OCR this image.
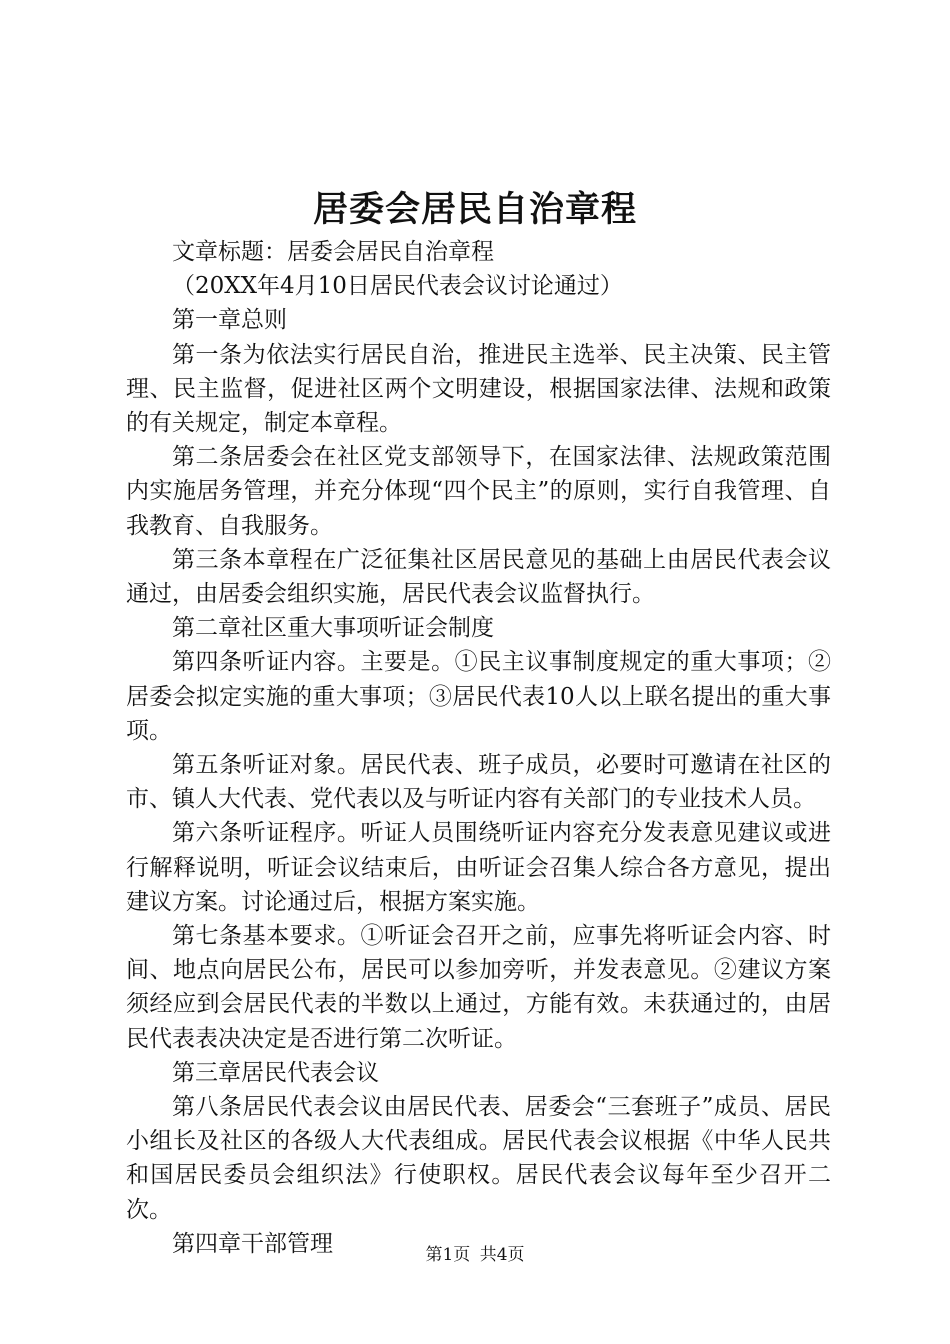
居委会居民自治章程

文章标题：居委会居民自治章程

（20XX年4月10日居民代表会议讨论通过）

第一章总则

第一条为依法实行居民自治，推进民主选举、民主决策、民主管理、民主监督，促进社区两个文明建设，根据国家法律、法规和政策的有关规定，制定本章程。

第二条居委会在社区党支部领导下，在国家法律、法规政策范围内实施居务管理，并充分体现“四个民主”的原则，实行自我管理、自我教育、自我服务。

第三条本章程在广泛征集社区居民意见的基础上由居民代表会议通过，由居委会组织实施，居民代表会议监督执行。

第二章社区重大事项听证会制度

第四条听证内容。主要是。①民主议事制度规定的重大事项；②居委会拟定实施的重大事项；③居民代表10人以上联名提出的重大事项。

第五条听证对象。居民代表、班子成员，必要时可邀请在社区的市、镇人大代表、党代表以及与听证内容有关部门的专业技术人员。

第六条听证程序。听证人员围绕听证内容充分发表意见建议或进行解释说明，听证会议结束后，由听证会召集人综合各方意见，提出建议方案。讨论通过后，根据方案实施。

第七条基本要求。①听证会召开之前，应事先将听证会内容、时间、地点向居民公布，居民可以参加旁听，并发表意见。②建议方案须经应到会居民代表的半数以上通过，方能有效。未获通过的，由居民代表表决决定是否进行第二次听证。

第三章居民代表会议

第八条居民代表会议由居民代表、居委会“三套班子”成员、居民小组长及社区的各级人大代表组成。居民代表会议根据《中华人民共和国居民委员会组织法》行使职权。居民代表会议每年至少召开二次。

第四章干部管理	第1页 共4页
